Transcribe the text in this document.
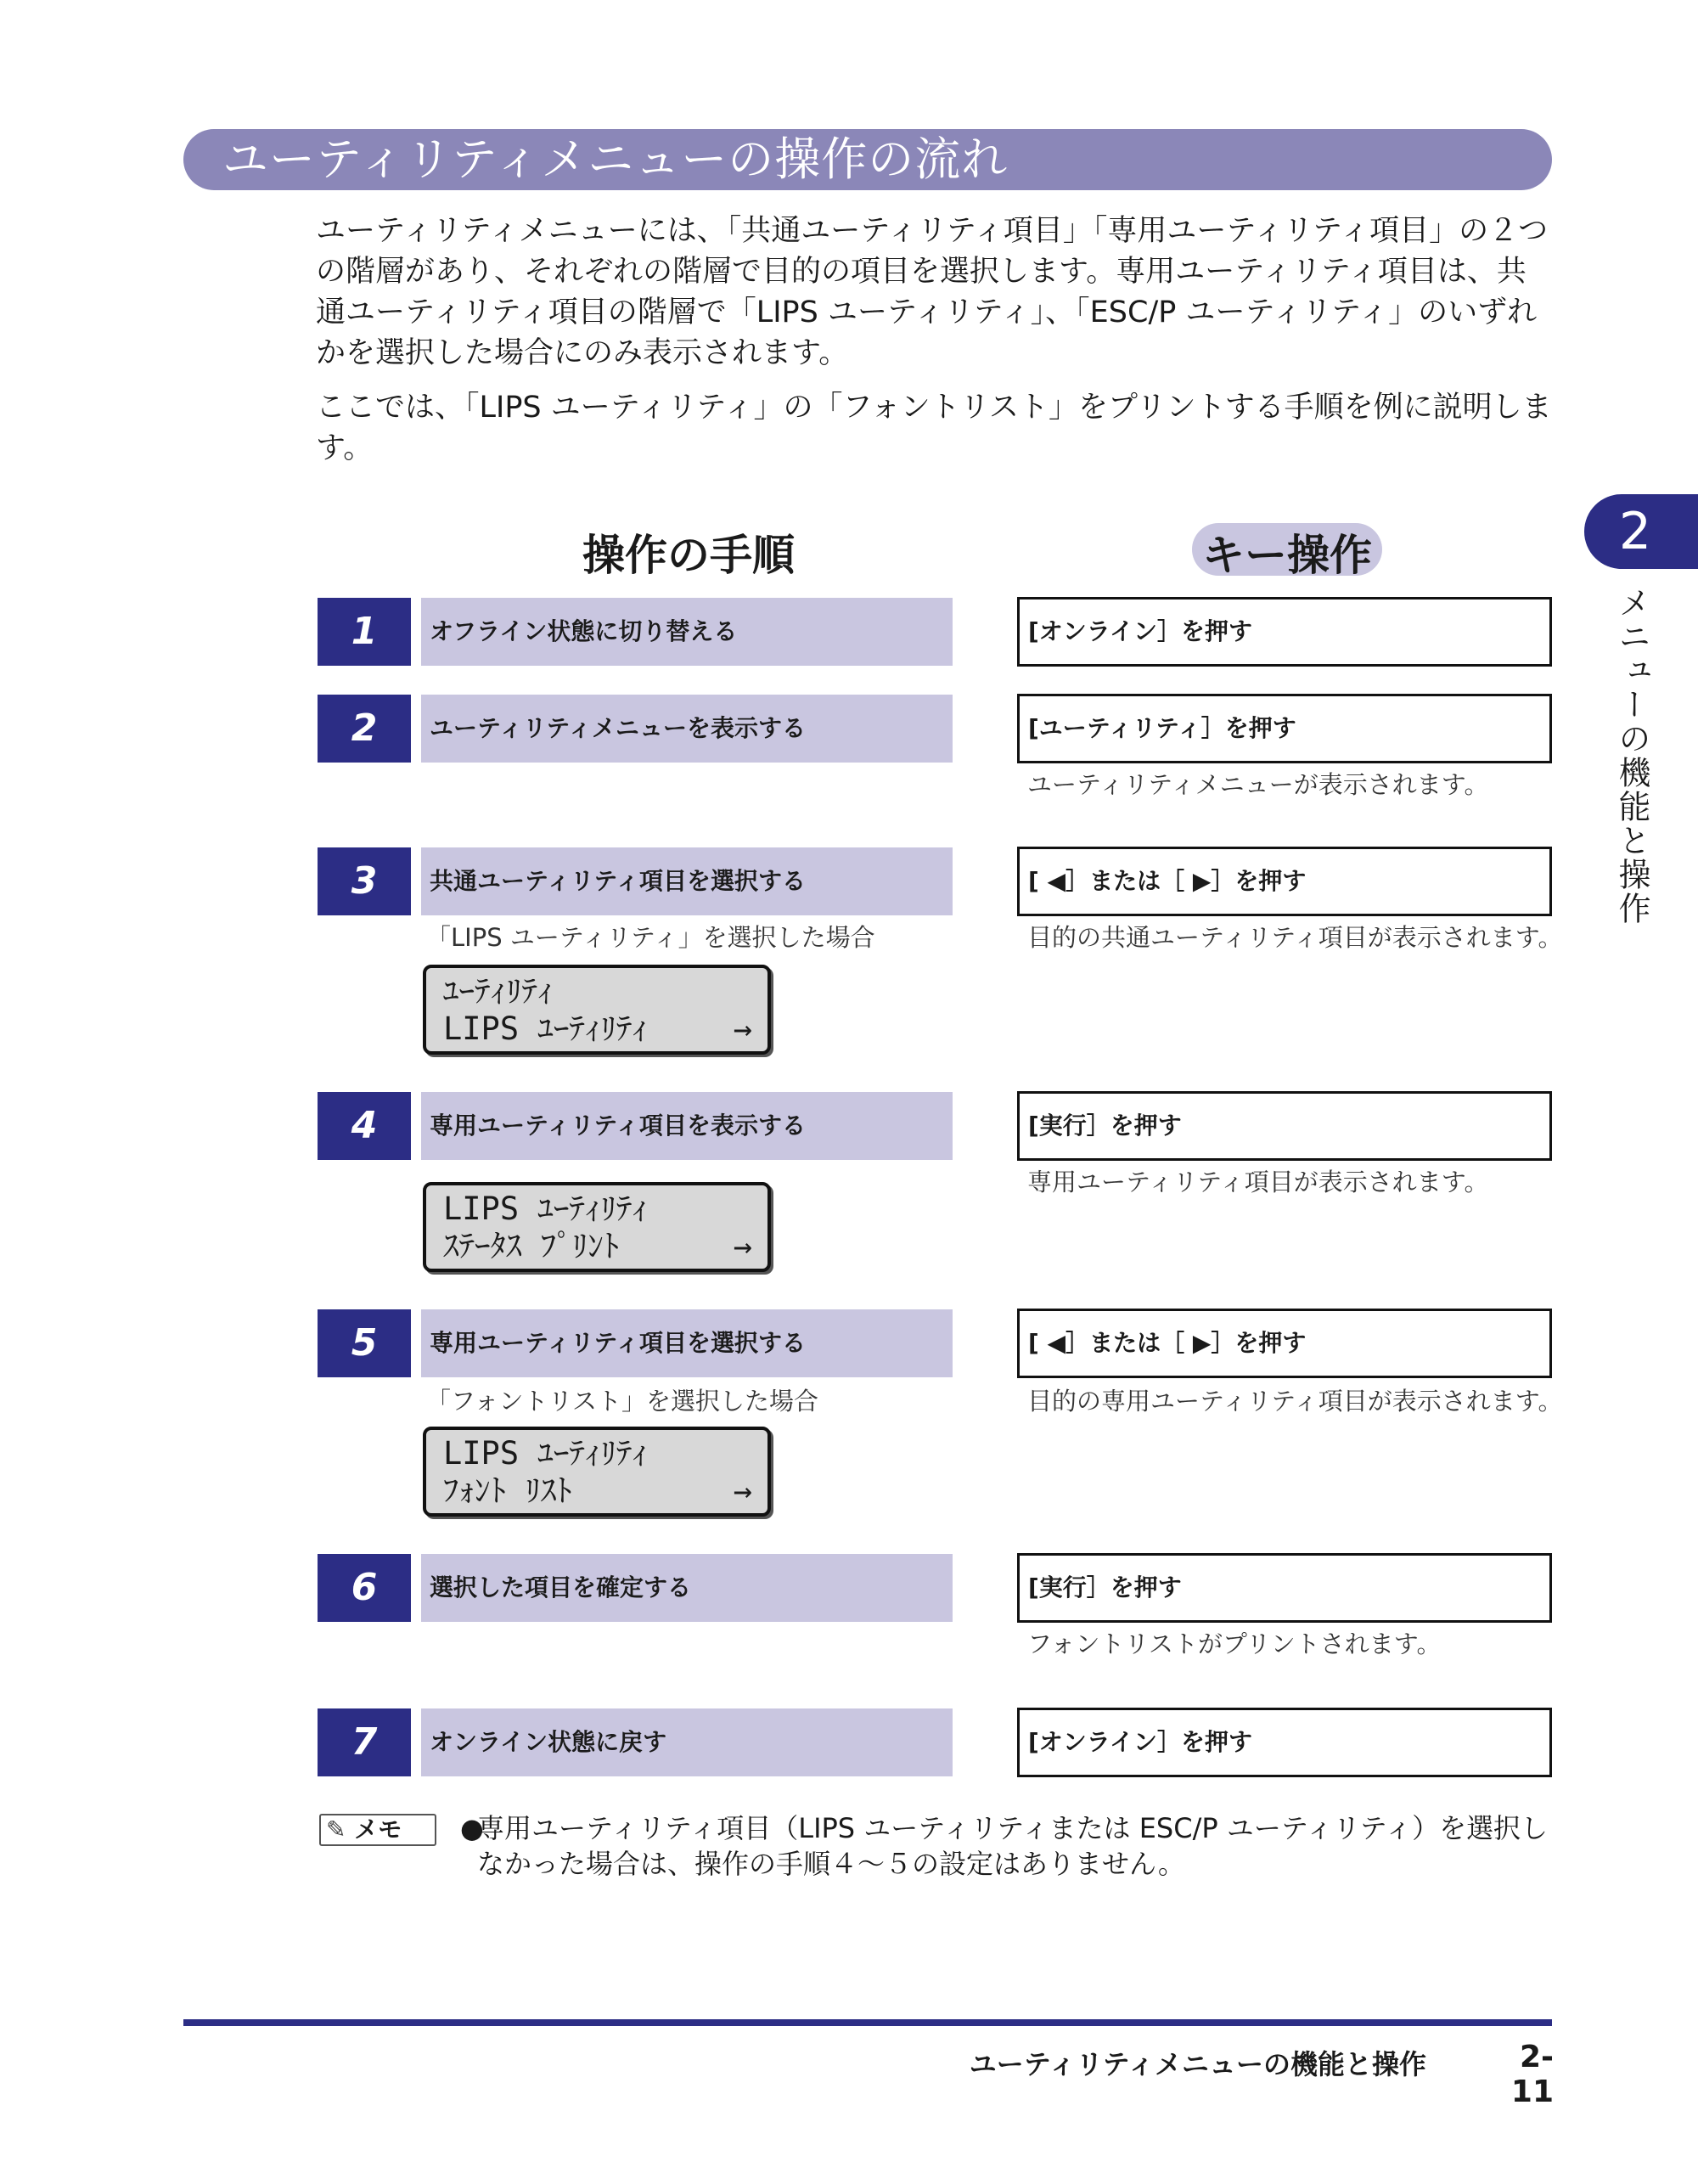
ユーティリティメニューの操作の流れ

ユーティリティメニューには、「共通ユーティリティ項目」「専用ユーティリティ項目」の２つの階層があり、それぞれの階層で目的の項目を選択します。専用ユーティリティ項目は、共通ユーティリティ項目の階層で「LIPS ユーティリティ」、「ESC/P ユーティリティ」のいずれかを選択した場合にのみ表示されます。

ここでは、「LIPS ユーティリティ」の「フォントリスト」をプリントする手順を例に説明します。

2
メニューの機能と操作
操作の手順	キー操作
1	オフライン状態に切り替える	[オンライン］を押す
2	ユーティリティメニューを表示する	[ユーティリティ］を押す
ユーティリティメニューが表示されます。
3	共通ユーティリティ項目を選択する	[ ◀］または［ ▶］を押す
「LIPS ユーティリティ」を選択した場合	目的の共通ユーティリティ項目が表示されます。
ﾕｰﾃｨﾘﾃｨ
LIPS ﾕｰﾃｨﾘﾃｨ	→
4	専用ユーティリティ項目を表示する	[実行］を押す
専用ユーティリティ項目が表示されます。
LIPS ﾕｰﾃｨﾘﾃｨ
ｽﾃｰﾀｽ ﾌﾟﾘﾝﾄ	→
5	専用ユーティリティ項目を選択する	[ ◀］または［ ▶］を押す
「フォントリスト」を選択した場合	目的の専用ユーティリティ項目が表示されます。
LIPS ﾕｰﾃｨﾘﾃｨ
ﾌｫﾝﾄ ﾘｽﾄ	→
6	選択した項目を確定する	[実行］を押す
フォントリストがプリントされます。
7	オンライン状態に戻す	[オンライン］を押す
✎ メモ	●
専用ユーティリティ項目（LIPS ユーティリティまたは ESC/P ユーティリティ）を選択しなかった場合は、操作の手順４〜５の設定はありません。
ユーティリティメニューの機能と操作	2-11
